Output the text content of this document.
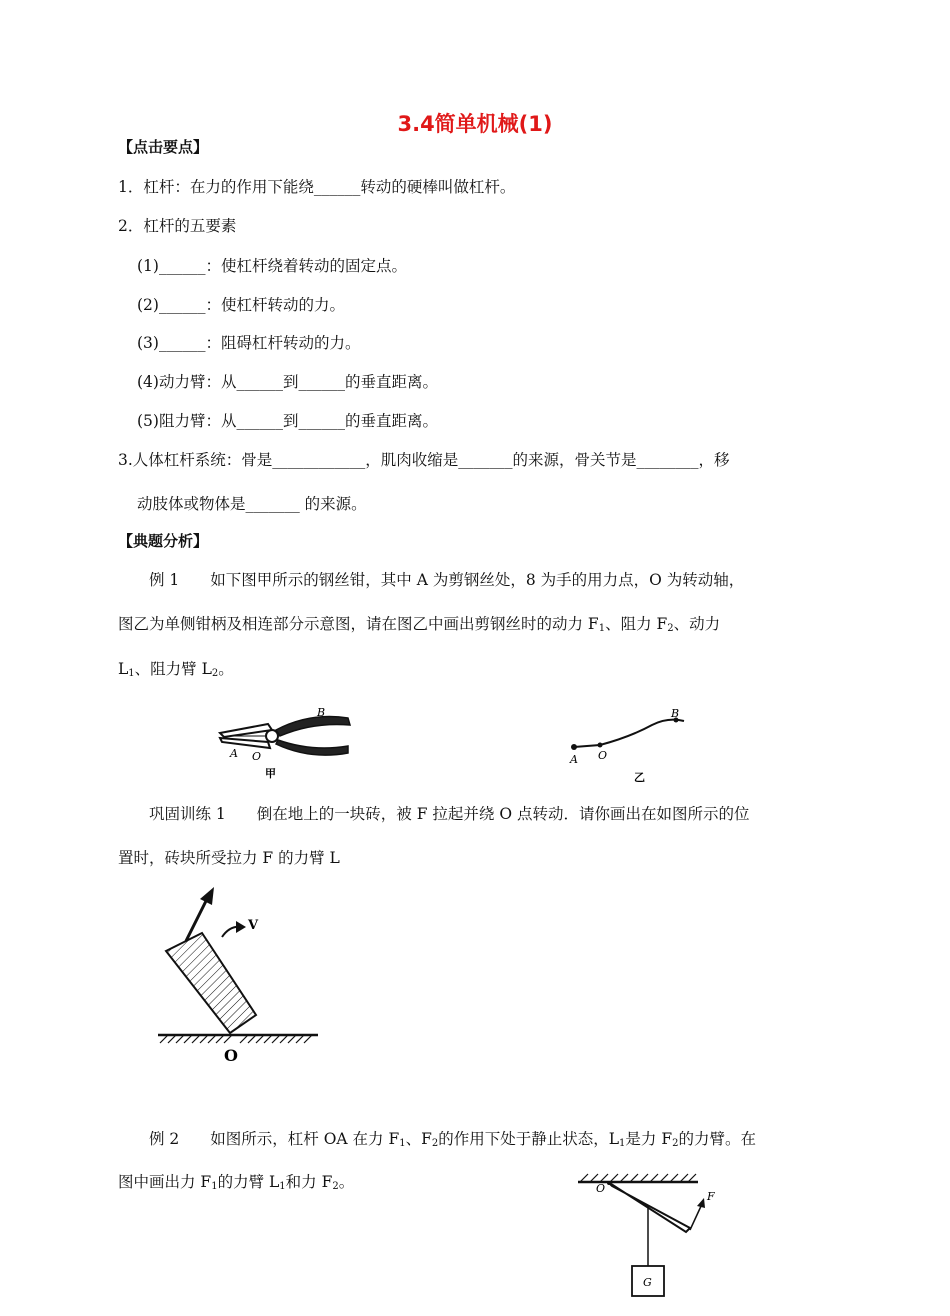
3.4简单机械(1)
【点击要点】
1．杠杆：在力的作用下能绕______转动的硬棒叫做杠杆。
2．杠杆的五要素
(1)______：使杠杆绕着转动的固定点。
(2)______：使杠杆转动的力。
(3)______：阻碍杠杆转动的力。
(4)动力臂：从______到______的垂直距离。
(5)阻力臂：从______到______的垂直距离。
3.人体杠杆系统：骨是____________，肌肉收缩是_______的来源，骨关节是________，移
动肢体或物体是_______ 的来源。
【典题分析】
例 1　　如下图甲所示的钢丝钳，其中 A 为剪钢丝处，8 为手的用力点，O 为转动轴，
图乙为单侧钳柄及相连部分示意图，请在图乙中画出剪钢丝时的动力 $F_1$、阻力 $F_2$、动力
$L_1$、阻力臂 $L_2$。
A O
B
甲
A O
B
乙
巩固训练 1　　倒在地上的一块砖，被 F 拉起并绕 O 点转动．请你画出在如图所示的位
置时，砖块所受拉力 F 的力臂 L
V
O
例 2　　如图所示，杠杆 OA 在力 $F_1$、$F_2$的作用下处于静止状态，$L_1$是力 $F_2$的力臂。在
图中画出力 $F_1$的力臂 $L_1$和力 $F_2$。
F
O
G
